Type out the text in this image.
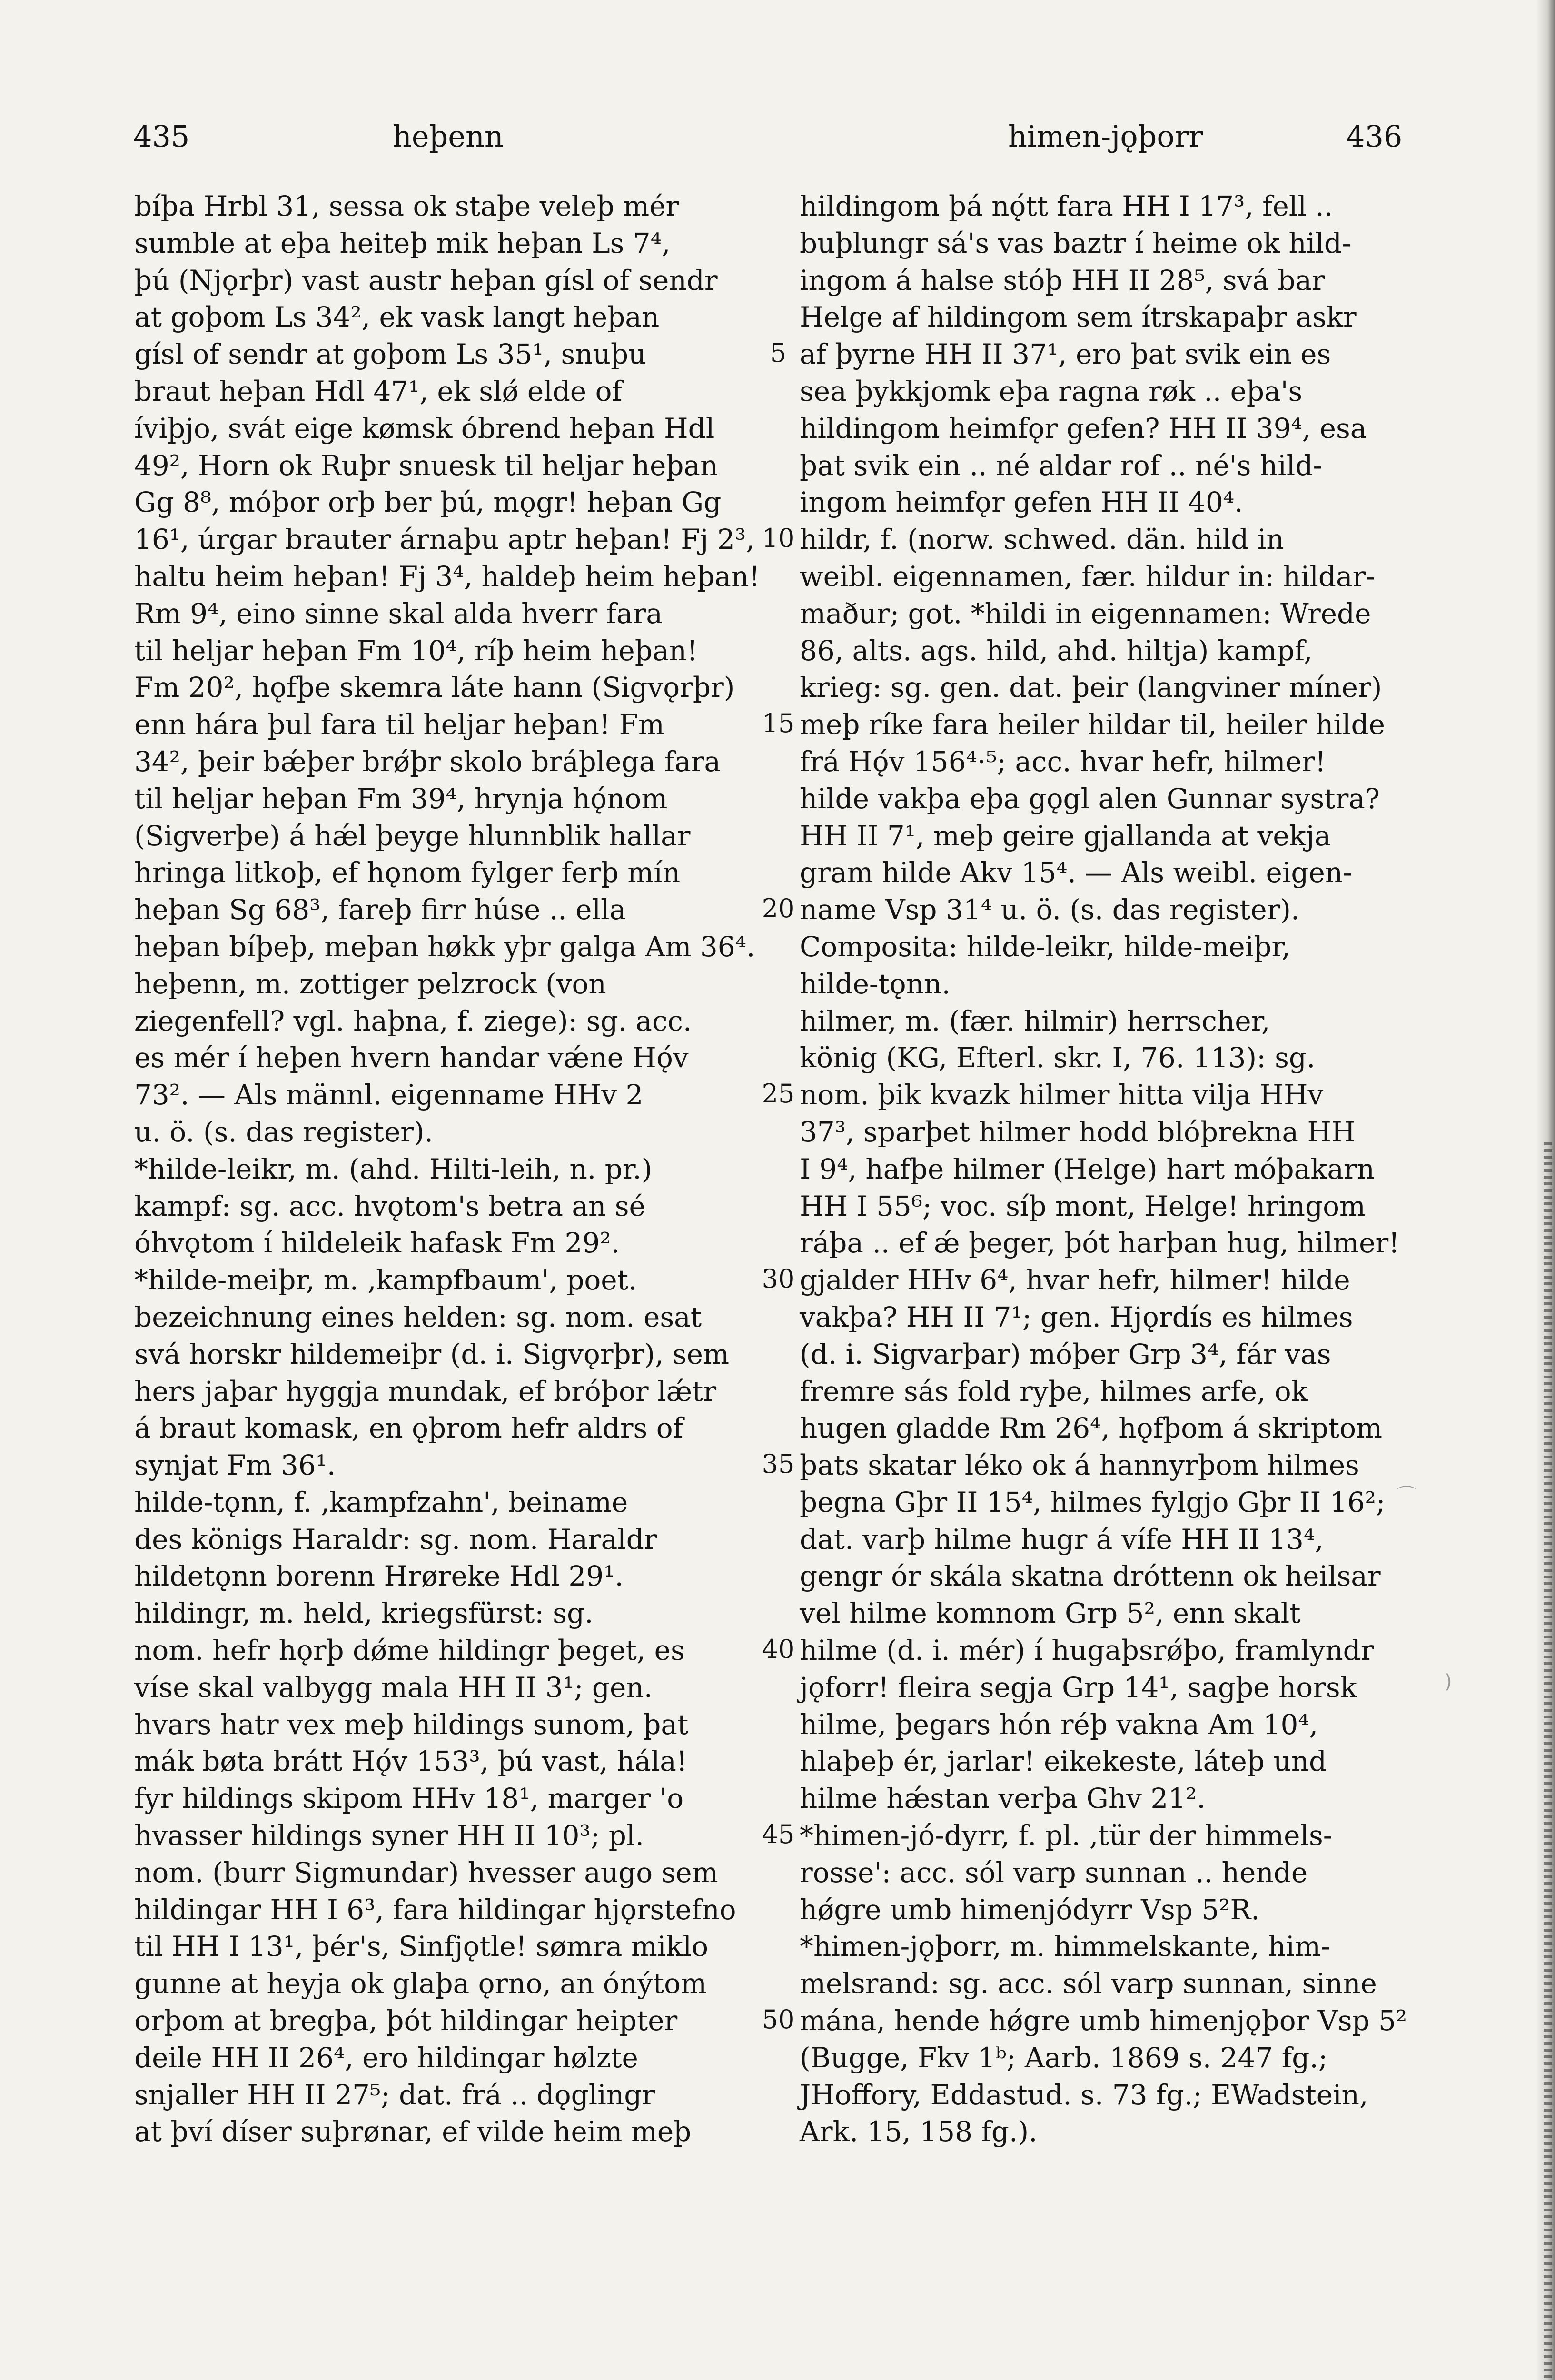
435	heþenn	himen-jǫþorr	436
bíþa Hrbl 31, sessa ok staþe veleþ mér
sumble at eþa heiteþ mik heþan Ls 7⁴,
þú (Njǫrþr) vast austr heþan gísl of sendr
at goþom Ls 34², ek vask langt heþan
gísl of sendr at goþom Ls 35¹, snuþu
braut heþan Hdl 47¹, ek slǿ elde of
íviþjo, svát eige kømsk óbrend heþan Hdl
49², Horn ok Ruþr snuesk til heljar heþan
Gg 8⁸, móþor orþ ber þú, mǫgr! heþan Gg
16¹, úrgar brauter árnaþu aptr heþan! Fj 2³,
haltu heim heþan! Fj 3⁴, haldeþ heim heþan!
Rm 9⁴, eino sinne skal alda hverr fara
til heljar heþan Fm 10⁴, ríþ heim heþan!
Fm 20², hǫfþe skemra láte hann (Sigvǫrþr)
enn hára þul fara til heljar heþan! Fm
34², þeir bǽþer brǿþr skolo bráþlega fara
til heljar heþan Fm 39⁴, hrynja hǫ́nom
(Sigverþe) á hǽl þeyge hlunnblik hallar
hringa litkoþ, ef hǫnom fylger ferþ mín
heþan Sg 68³, fareþ firr húse .. ella
heþan bíþeþ, meþan høkk yþr galga Am 36⁴.
heþenn, m. zottiger pelzrock (von
ziegenfell? vgl. haþna, f. ziege): sg. acc.
es mér í heþen hvern handar vǽne Hǫ́v
73². — Als männl. eigenname HHv 2
u. ö. (s. das register).
*hilde-leikr, m. (ahd. Hilti-leih, n. pr.)
kampf: sg. acc. hvǫtom's betra an sé
óhvǫtom í hildeleik hafask Fm 29².
*hilde-meiþr, m. ‚kampfbaum', poet.
bezeichnung eines helden: sg. nom. esat
svá horskr hildemeiþr (d. i. Sigvǫrþr), sem
hers jaþar hyggja mundak, ef bróþor lǽtr
á braut komask, en ǫþrom hefr aldrs of
synjat Fm 36¹.
hilde-tǫnn, f. ‚kampfzahn', beiname
des königs Haraldr: sg. nom. Haraldr
hildetǫnn borenn Hrøreke Hdl 29¹.
hildingr, m. held, kriegsfürst: sg.
nom. hefr hǫrþ dǿme hildingr þeget, es
víse skal valbygg mala HH II 3¹; gen.
hvars hatr vex meþ hildings sunom, þat
mák bøta brátt Hǫ́v 153³, þú vast, hála!
fyr hildings skipom HHv 18¹, marger 'o
hvasser hildings syner HH II 10³; pl.
nom. (burr Sigmundar) hvesser augo sem
hildingar HH I 6³, fara hildingar hjǫrstefno
til HH I 13¹, þér's, Sinfjǫtle! sømra miklo
gunne at heyja ok glaþa ǫrno, an ónýtom
orþom at bregþa, þót hildingar heipter
deile HH II 26⁴, ero hildingar hølzte
snjaller HH II 27⁵; dat. frá .. dǫglingr
at því díser suþrønar, ef vilde heim meþ
5
10
15
20
25
30
35
40
45
50
hildingom þá nǫ́tt fara HH I 17³, fell ..
buþlungr sá's vas baztr í heime ok hild-
ingom á halse stóþ HH II 28⁵, svá bar
Helge af hildingom sem ítrskapaþr askr
af þyrne HH II 37¹, ero þat svik ein es
sea þykkjomk eþa ragna røk .. eþa's
hildingom heimfǫr gefen? HH II 39⁴, esa
þat svik ein .. né aldar rof .. né's hild-
ingom heimfǫr gefen HH II 40⁴.
hildr, f. (norw. schwed. dän. hild in
weibl. eigennamen, fær. hildur in: hildar-
maður; got. *hildi in eigennamen: Wrede
86, alts. ags. hild, ahd. hiltja) kampf,
krieg: sg. gen. dat. þeir (langviner míner)
meþ ríke fara heiler hildar til, heiler hilde
frá Hǫ́v 156⁴·⁵; acc. hvar hefr, hilmer!
hilde vakþa eþa gǫgl alen Gunnar systra?
HH II 7¹, meþ geire gjallanda at vekja
gram hilde Akv 15⁴. — Als weibl. eigen-
name Vsp 31⁴ u. ö. (s. das register).
Composita: hilde-leikr, hilde-meiþr,
hilde-tǫnn.
hilmer, m. (fær. hilmir) herrscher,
könig (KG, Efterl. skr. I, 76. 113): sg.
nom. þik kvazk hilmer hitta vilja HHv
37³, sparþet hilmer hodd blóþrekna HH
I 9⁴, hafþe hilmer (Helge) hart móþakarn
HH I 55⁶; voc. síþ mont, Helge! hringom
ráþa .. ef ǽ þeger, þót harþan hug, hilmer!
gjalder HHv 6⁴, hvar hefr, hilmer! hilde
vakþa? HH II 7¹; gen. Hjǫrdís es hilmes
(d. i. Sigvarþar) móþer Grp 3⁴, fár vas
fremre sás fold ryþe, hilmes arfe, ok
hugen gladde Rm 26⁴, hǫfþom á skriptom
þats skatar léko ok á hannyrþom hilmes
þegna Gþr II 15⁴, hilmes fylgjo Gþr II 16²;
dat. varþ hilme hugr á vífe HH II 13⁴,
gengr ór skála skatna dróttenn ok heilsar
vel hilme komnom Grp 5², enn skalt
hilme (d. i. mér) í hugaþsrǿþo, framlyndr
jǫforr! fleira segja Grp 14¹, sagþe horsk
hilme, þegars hón réþ vakna Am 10⁴,
hlaþeþ ér, jarlar! eikekeste, láteþ und
hilme hǽstan verþa Ghv 21².
*himen-jó-dyrr, f. pl. ‚tür der himmels-
rosse': acc. sól varp sunnan .. hende
hǿgre umb himenjódyrr Vsp 5²R.
*himen-jǫþorr, m. himmelskante, him-
melsrand: sg. acc. sól varp sunnan, sinne
mána, hende hǿgre umb himenjǫþor Vsp 5²
(Bugge, Fkv 1ᵇ; Aarb. 1869 s. 247 fg.;
JHoffory, Eddastud. s. 73 fg.; EWadstein,
Ark. 15, 158 fg.).
⌒
)
